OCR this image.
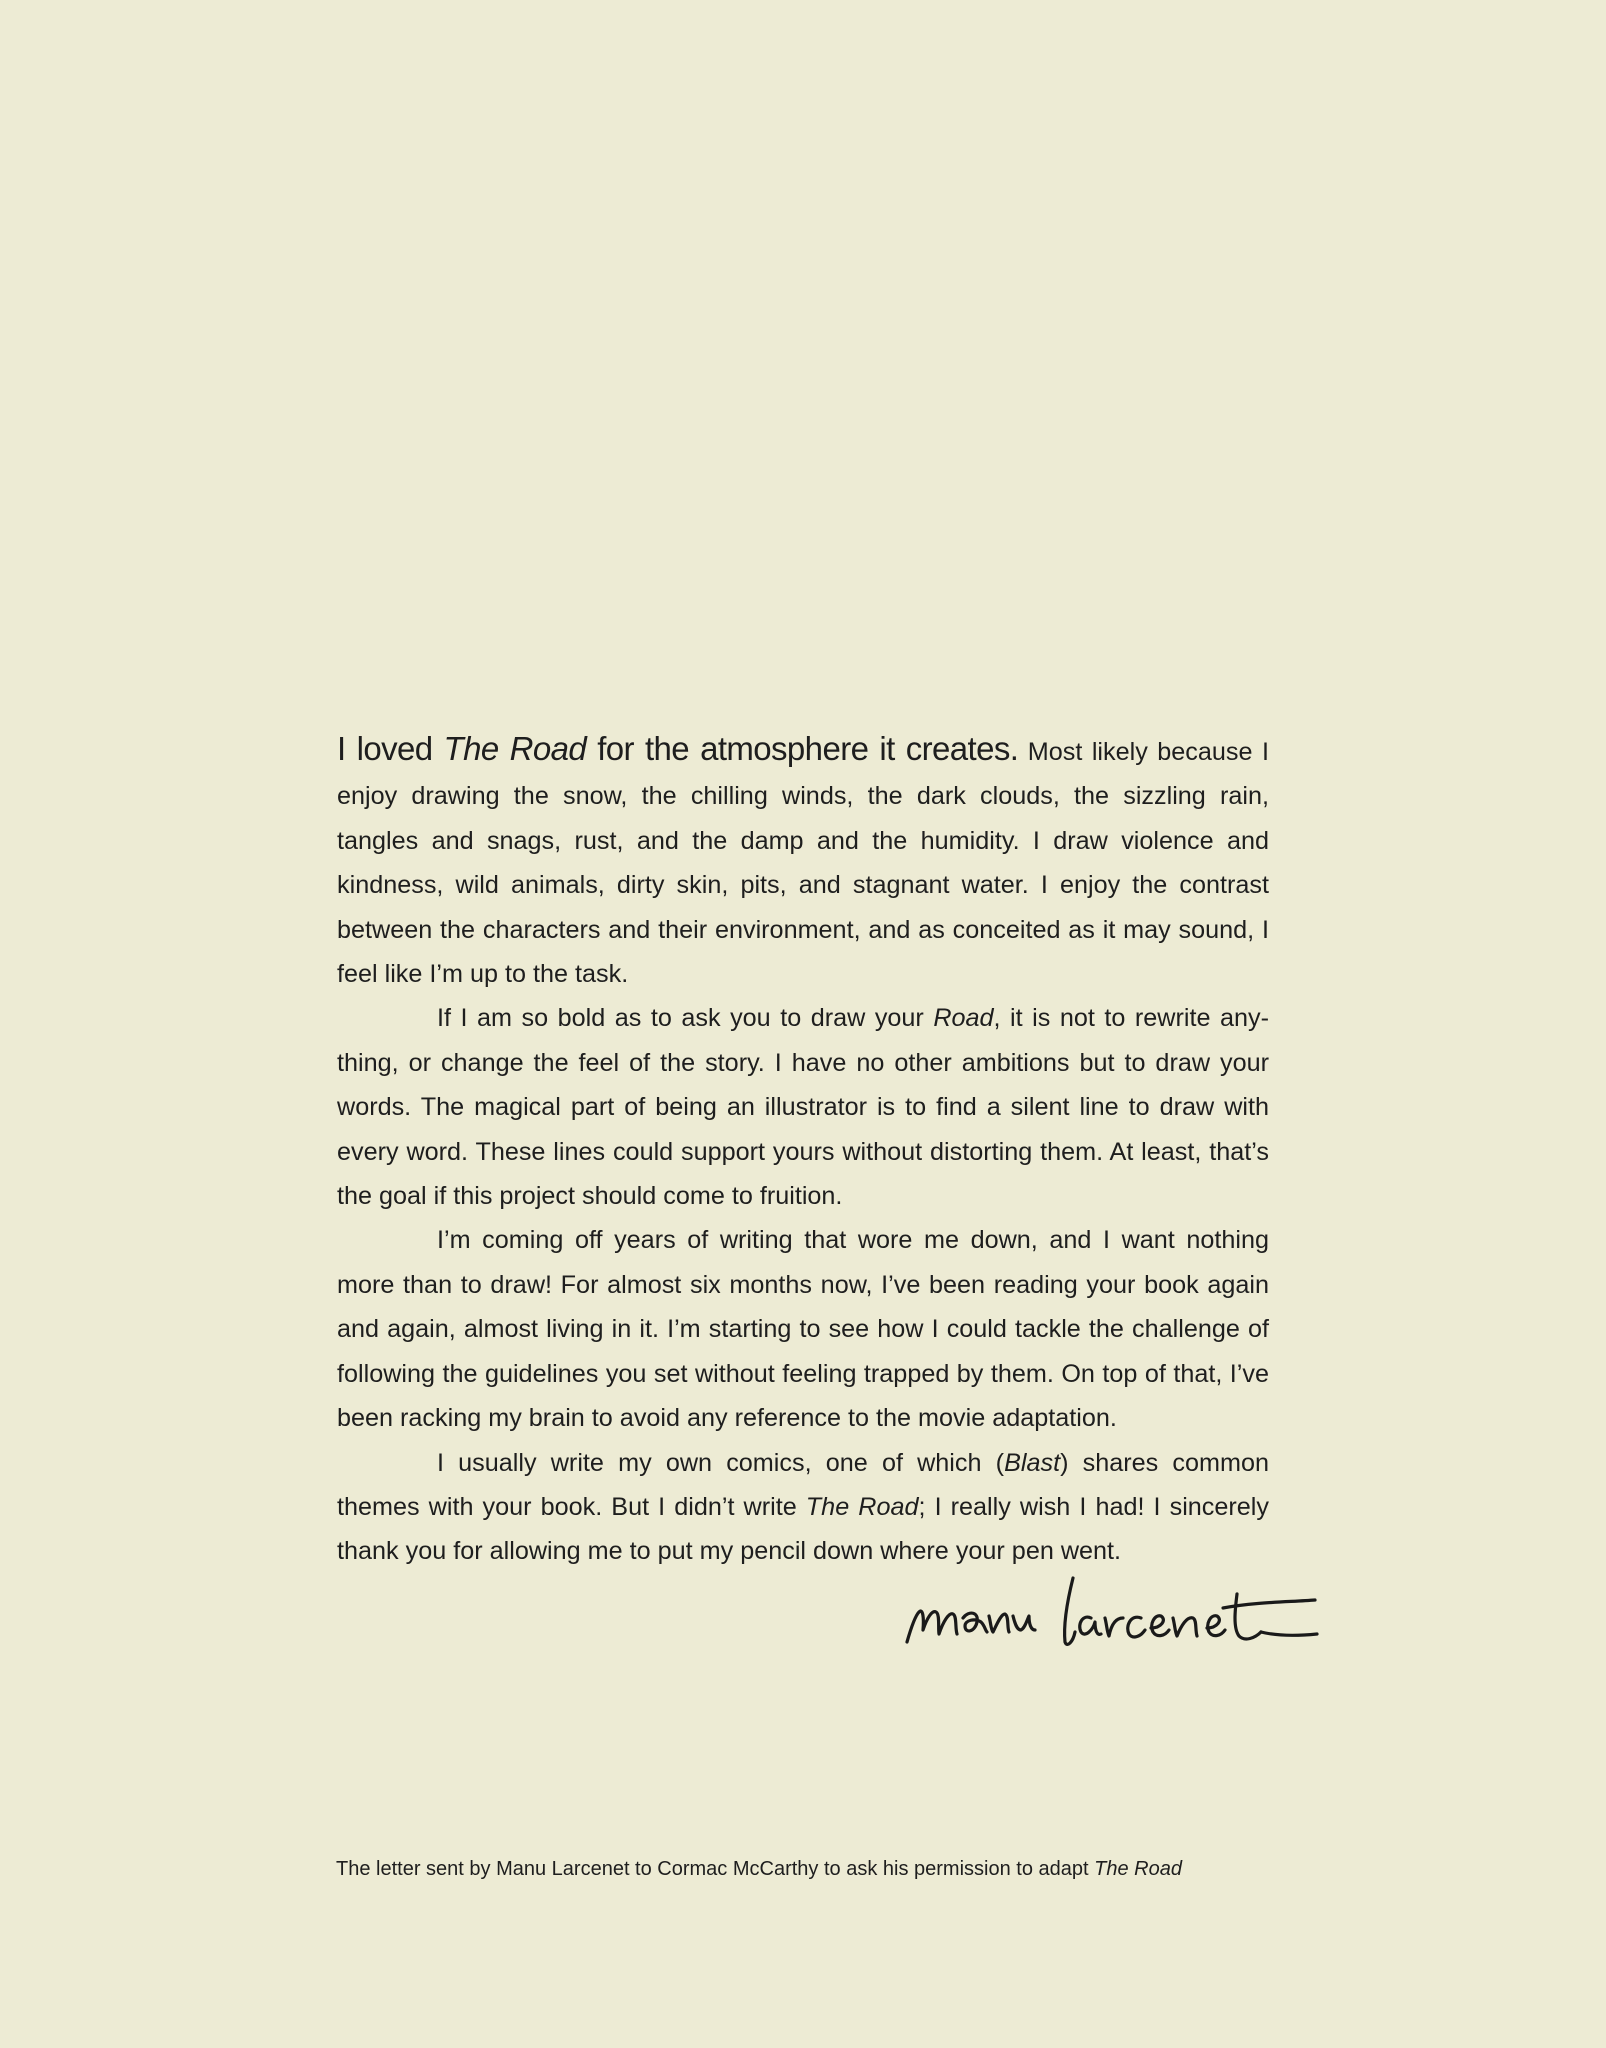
I loved The Road for the atmosphere it creates. Most likely because I enjoy drawing the snow, the chilling winds, the dark clouds, the sizzling rain, tangles and snags, rust, and the damp and the humidity. I draw violence and kindness, wild animals, dirty skin, pits, and stagnant water. I enjoy the contrast between the characters and their environment, and as conceited as it may sound, I feel like I’m up to the task.

If I am so bold as to ask you to draw your Road, it is not to rewrite any-thing, or change the feel of the story. I have no other ambitions but to draw your words. The magical part of being an illustrator is to find a silent line to draw with every word. These lines could support yours without distorting them. At least, that’s the goal if this project should come to fruition.

I’m coming off years of writing that wore me down, and I want nothing more than to draw! For almost six months now, I’ve been reading your book again and again, almost living in it. I’m starting to see how I could tackle the challenge of following the guidelines you set without feeling trapped by them. On top of that, I’ve been racking my brain to avoid any reference to the movie adaptation.

I usually write my own comics, one of which (Blast) shares common themes with your book. But I didn’t write The Road; I really wish I had! I sincerely thank you for allowing me to put my pencil down where your pen went.

The letter sent by Manu Larcenet to Cormac McCarthy to ask his permission to adapt The Road
